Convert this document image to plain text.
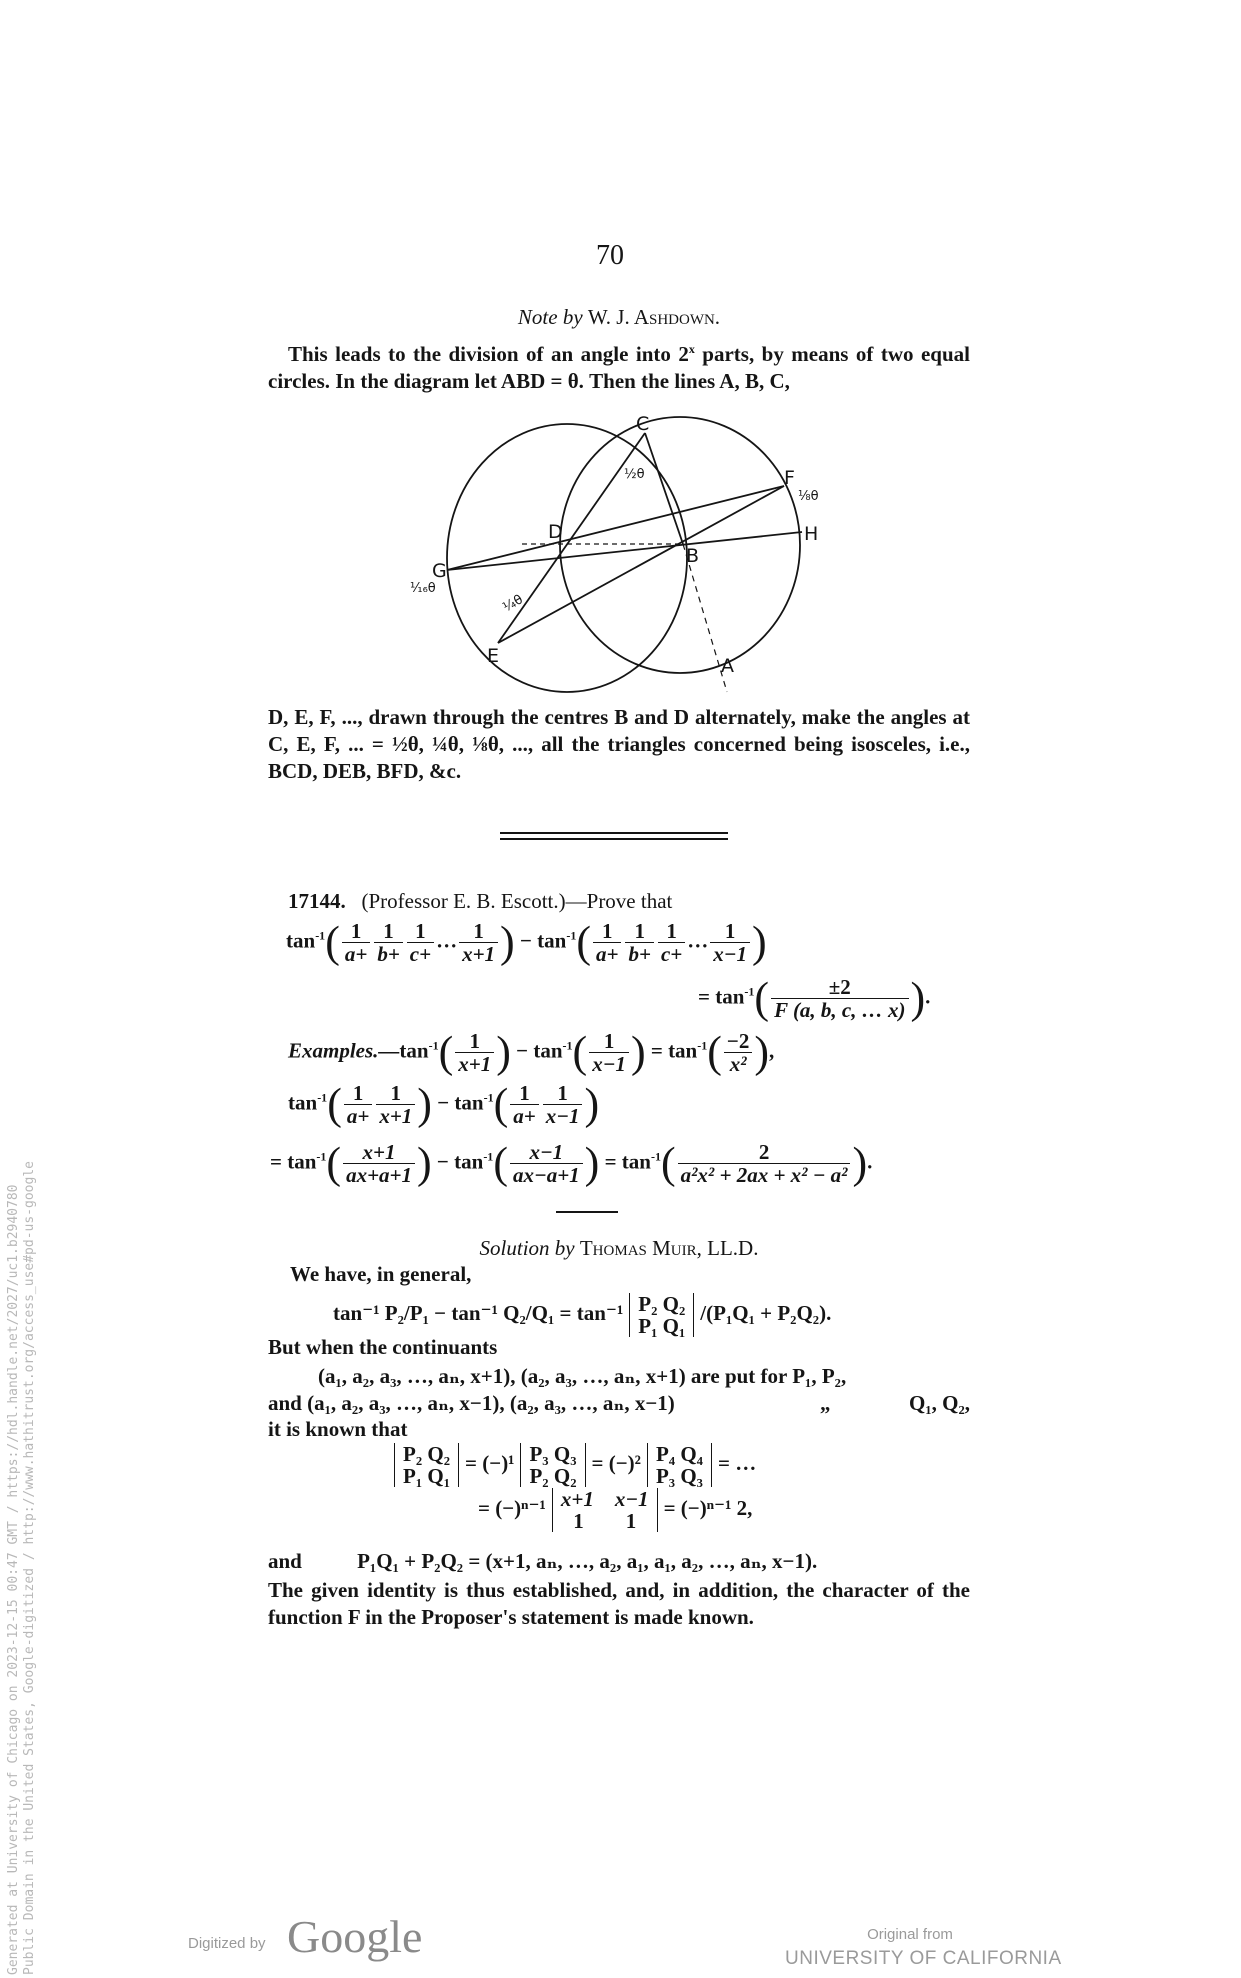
70
Note by W. J. Ashdown.
This leads to the division of an angle into 2$^x$ parts, by means of two equal circles. In the diagram let ABD = θ. Then the lines A, B, C,
C
½θ
D
B
F
⅛θ
H
G
¹⁄₁₆θ
¼θ
E	A
D, E, F, ..., drawn through the centres B and D alternately, make the angles at C, E, F, ... = ½θ, ¼θ, ⅛θ, ..., all the triangles concerned being isosceles, i.e., BCD, DEB, BFD, &c.
17144. (Professor E. B. Escott.)—Prove that
$\tan^{-1}( \frac{1}{a+} \frac{1}{b+} \frac{1}{c+}$ … $\frac{1}{x+1}$ ) − $\tan^{-1}( \frac{1}{a+} \frac{1}{b+} \frac{1}{c+}$ … $\frac{1}{x-1}$ )
= $\tan^{-1}( \frac{\pm 2}{F (a, b, c, \dots x)}$ ).
$Examples.—\tan^{-1}( \frac{1}{x+1}$ ) − $\tan^{-1}( \frac{1}{x-1}$ ) = $\tan^{-1}( \frac{-2}{\text{x²}}$ ),
$\tan^{-1}( \frac{1}{a+} \frac{1}{x+1}$ ) − $\tan^{-1}( \frac{1}{a+} \frac{1}{x-1}$ )
= $\tan^{-1}( \frac{x+1}{ax+a+1}$ ) − $\tan^{-1}( \frac{x-1}{ax-a+1}$ ) = $\tan^{-1}( \frac{2}{\text{a²x² + 2ax + x² − a²}}$ ).
Solution by Thomas Muir, LL.D.
We have, in general,
tan⁻¹ P₂/P₁ − tan⁻¹ Q₂/Q₁ = tan⁻¹ P₂ Q₂
P₁ Q₁
/(P₁Q₁ + P₂Q₂).
But when the continuants
(a₁, a₂, a₃, …, aₙ, x+1), (a₂, a₃, …, aₙ, x+1) are put for P₁, P₂,
and (a₁, a₂, a₃, …, aₙ, x−1), (a₂, a₃, …, aₙ, x−1)	„	Q₁, Q₂,
it is known that
P₂ Q₂
P₁ Q₁
= (−)¹ P₃ Q₃
P₂ Q₂
= (−)² P₄ Q₄
P₃ Q₃
= …
= (−)ⁿ⁻¹ x+1    x−1
1        1
= (−)ⁿ⁻¹ 2,
and	P₁Q₁ + P₂Q₂ = (x+1, aₙ, …, a₂, a₁, a₁, a₂, …, aₙ, x−1).
The given identity is thus established, and, in addition, the character of the function F in the Proposer's statement is made known.
Generated at University of Chicago on 2023-12-15 00:47 GMT / https://hdl.handle.net/2027/uc1.b2940780 Public Domain in the United States, Google-digitized / http://www.hathitrust.org/access_use#pd-us-google	Digitized by Google	Original from
UNIVERSITY OF CALIFORNIA
